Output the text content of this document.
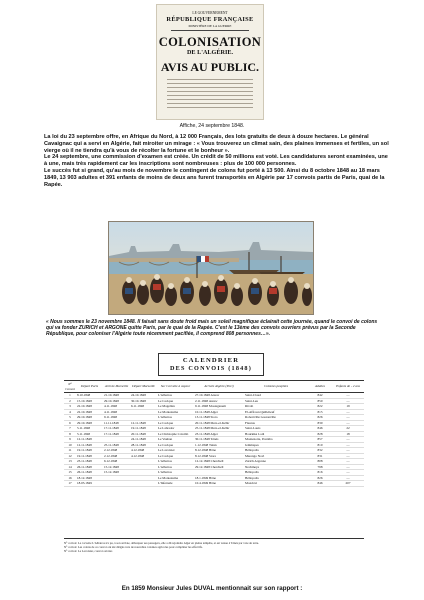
LE GOUVERNEMENT
RÉPUBLIQUE FRANÇAISE
MINISTÈRE DE LA GUERRE
COLONISATION
DE L'ALGÉRIE.
AVIS AU PUBLIC.
Affiche, 24 septembre 1848.

La loi du 23 septembre offre, en Afrique du Nord, à 12 000 Français, des lots gratuits de deux à douze hectares. Le général Cavaignac qui a servi en Algérie, fait miroiter un mirage : « Vous trouverez un climat sain, des plaines immenses et fertiles, un sol vierge où il ne tiendra qu'à vous de récolter la fortune et le bonheur ».
Le 24 septembre, une commission d'examen est créée. Un crédit de 50 millions est voté. Les candidatures seront examinées, une à une, mais très rapidement car les inscriptions sont nombreuses : plus de 100 000 personnes.
Le succès fut si grand, qu'au mois de novembre le contingent de colons fut porté à 13 500. Ainsi du 8 octobre 1848 au 18 mars 1849, 13 903 adultes et 391 enfants de moins de deux ans furent transportés en Algérie par 17 convois partis de Paris, quai de la Rapée.

« Nous sommes le 23 novembre 1848. Il faisait sans doute froid mais un soleil magnifique éclairait cette journée, quand le convoi de colons qui va fonder ZURICH et ARGONE quitte Paris, par le quai de la Rapée. C'est le 13ème des convois ouvriers prévus par la Seconde République, pour coloniser l'Algérie toute récemment pacifiée, il comprend 808 personnes…».

CALENDRIER
DES CONVOIS (1848)
N° Convoi	Départ Paris	Arrivée Marseille	Départ Marseille	Sur Corvette à vapeur	Arrivée Algérie (Port)	Colonies peuplées	Adultes	Enfants de - 2 ans
1	8.10.1848	21.10.1848	24.10.1848	L'Albatros	27.10.1848 Arzew	Saint-Cloud	842	—
2	15.10.1848	29.10.1848	30.10.1848	Le Cacique	2.11.1848 Arzew	Saint-Leu	850	—
3	22.10.1848	4.11.1848	6.11.1848	Le Magellan	9.11.1848 Mostaganem	Rivoli	822	19
4	22.10.1848	4.11.1848		Le Montezuma	10.11.1848 Alger	El-Affroun Quillebeuf	815	—
5	29.10.1848	9.11.1848		L'Albatros	13.11.1848 Stora	Robertville Gastonville	826	—
6	29.10.1848	11.11.1848	12.11.1848	Le Cacique	20.11.1848 Mers-el-Kébir	Fleurus	830	—
7	5.11.1848	17.11.1848	19.11.1848	Le Labrador	25.11.1848 Mers-el-Kébir	Saint-Louis	846	22
8	5.11.1848	17.11.1848	20.11.1848	Le Christophe Colomb	23.11.1848 Alger	Bourkika Lodi	828	18
9	12.11.1848		24.11.1848	Le Vauban	30.11.1848 Ténès	Montenotte, Pontéba	857	—
10	12.11.1848	25.11.1848	28.11.1848	Le Cacique	1.12.1848 Ténès	Jemmapes	810	—
11	19.11.1848	2.12.1848	4.12.1848	Le Lavoisier	8.12.1848 Bône	Héliopolis	832	—
12	19.11.1848	2.12.1848	4.12.1848	Le Cacique	8.12.1848 Stora	Marengo Novi	831	—
13	23.11.1848	6.12.1848		L'Albatros	12.12.1848 Cherchell	Zurich Argonne	808	—
14	26.11.1848	15.12.1848		L'Albatros	29.12.1848 Cherchell	Nechmeya	798	—
15	26.11.1848	15.12.1848		L'Albatros		Héliopolis	816	—
16	18.12.1848			Le Montezuma	18.1.1849 Bône	Héliopolis	826	—
17	18.03.1849			L'Infernale	10.4.1849 Bône	Mondovi	846	207

N° convoi: La corvette L'Albatros n'a pu, à son arrivée, débarquer ses passagers, elle a dû rejoindre Alger en pleine tempête, et est venue à Ténès par voie de terre.

N° convoi: Les colons de ce convoi ont été dirigés vers de nouvelles colonies agricoles pour compléter les effectifs.

N° convoi: Le Lavoisier, convoi ouvrier.

En 1859 Monsieur Jules DUVAL mentionnait sur son rapport :
